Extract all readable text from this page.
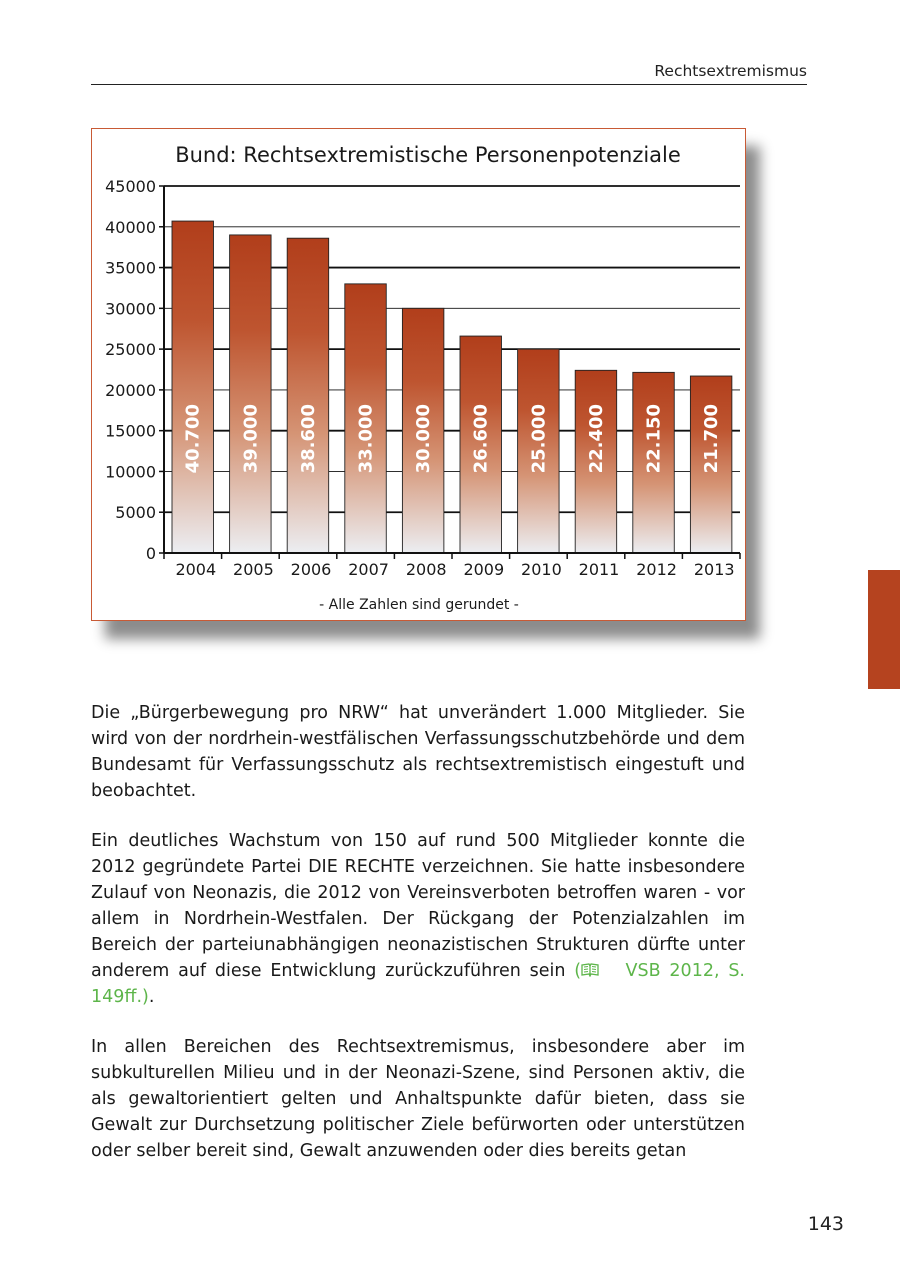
Rechtsextremismus
Bund: Rechtsextremistische Personenpotenziale
40.700 39.000 38.600 33.000 30.000 26.600 25.000 22.400 22.150 21.700
0
5000
10000
15000
20000
25000
30000
35000
40000
45000
2004 2005 2006 2007 2008 2009 2010 2011 2012 2013
- Alle Zahlen sind gerundet -

Die „Bürgerbewegung pro NRW“ hat unverändert 1.000 Mitglieder. Sie wird von der nordrhein-westfälischen Verfassungsschutzbehörde und dem Bundesamt für Verfassungsschutz als rechtsextremistisch eingestuft und beobachtet.

Ein deutliches Wachstum von 150 auf rund 500 Mitglieder konnte die 2012 gegründete Partei DIE RECHTE verzeichnen. Sie hatte insbesondere Zulauf von Neonazis, die 2012 von Vereinsverboten betroffen waren - vor allem in Nordrhein-Westfalen. Der Rückgang der Potenzialzahlen im Bereich der parteiunabhängigen neonazistischen Strukturen dürfte unter anderem auf diese Entwicklung zurückzuführen sein (	VSB 2012, S. 149ff.).

In allen Bereichen des Rechtsextremismus, insbesondere aber im subkulturellen Milieu und in der Neonazi-Szene, sind Personen aktiv, die als gewaltorientiert gelten und Anhaltspunkte dafür bieten, dass sie Gewalt zur Durchsetzung politischer Ziele befürworten oder unterstützen oder selber bereit sind, Gewalt anzuwenden oder dies bereits getan

143
